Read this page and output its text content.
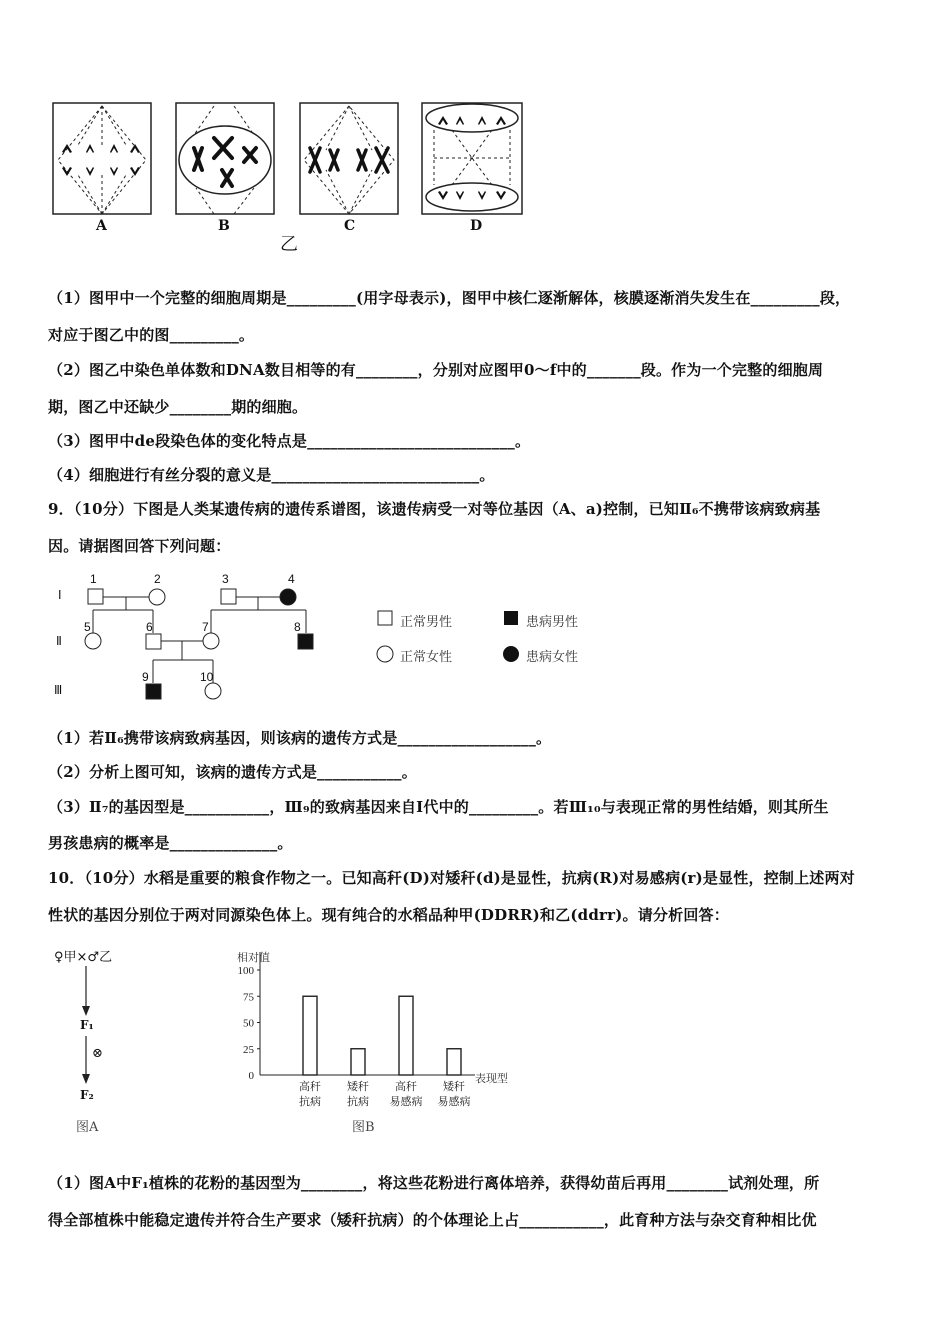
A	B	C	D
乙
（1）图甲中一个完整的细胞周期是_________(用字母表示)，图甲中核仁逐渐解体，核膜逐渐消失发生在_________段，
对应于图乙中的图_________。
（2）图乙中染色单体数和DNA数目相等的有________，分别对应图甲0～f中的_______段。作为一个完整的细胞周
期，图乙中还缺少________期的细胞。
（3）图甲中de段染色体的变化特点是___________________________。
（4）细胞进行有丝分裂的意义是___________________________。
9．（10分）下图是人类某遗传病的遗传系谱图，该遗传病受一对等位基因（A、a)控制，已知Ⅱ₆不携带该病致病基
因。请据图回答下列问题：
Ⅰ
Ⅱ
Ⅲ
1	2	3	4
5	6	7	8
9	10
正常男性	患病男性
正常女性	患病女性
（1）若Ⅱ₆携带该病致病基因，则该病的遗传方式是__________________。
（2）分析上图可知，该病的遗传方式是___________。
（3）Ⅱ₇的基因型是___________，Ⅲ₉的致病基因来自Ⅰ代中的_________。若Ⅲ₁₀与表现正常的男性结婚，则其所生
男孩患病的概率是______________。
10．（10分）水稻是重要的粮食作物之一。已知高秆(D)对矮秆(d)是显性，抗病(R)对易感病(r)是显性，控制上述两对
性状的基因分别位于两对同源染色体上。现有纯合的水稻品种甲(DDRR)和乙(ddrr)。请分析回答：
♀甲×♂乙
F₁
⊗
F₂
图A
相对值
表现型
0
25
50
75
100
高秆
抗病
矮秆
抗病
高秆
易感病
矮秆
易感病
图B
（1）图A中F₁植株的花粉的基因型为________，将这些花粉进行离体培养，获得幼苗后再用________试剂处理，所
得全部植株中能稳定遗传并符合生产要求（矮秆抗病）的个体理论上占___________，此育种方法与杂交育种相比优
